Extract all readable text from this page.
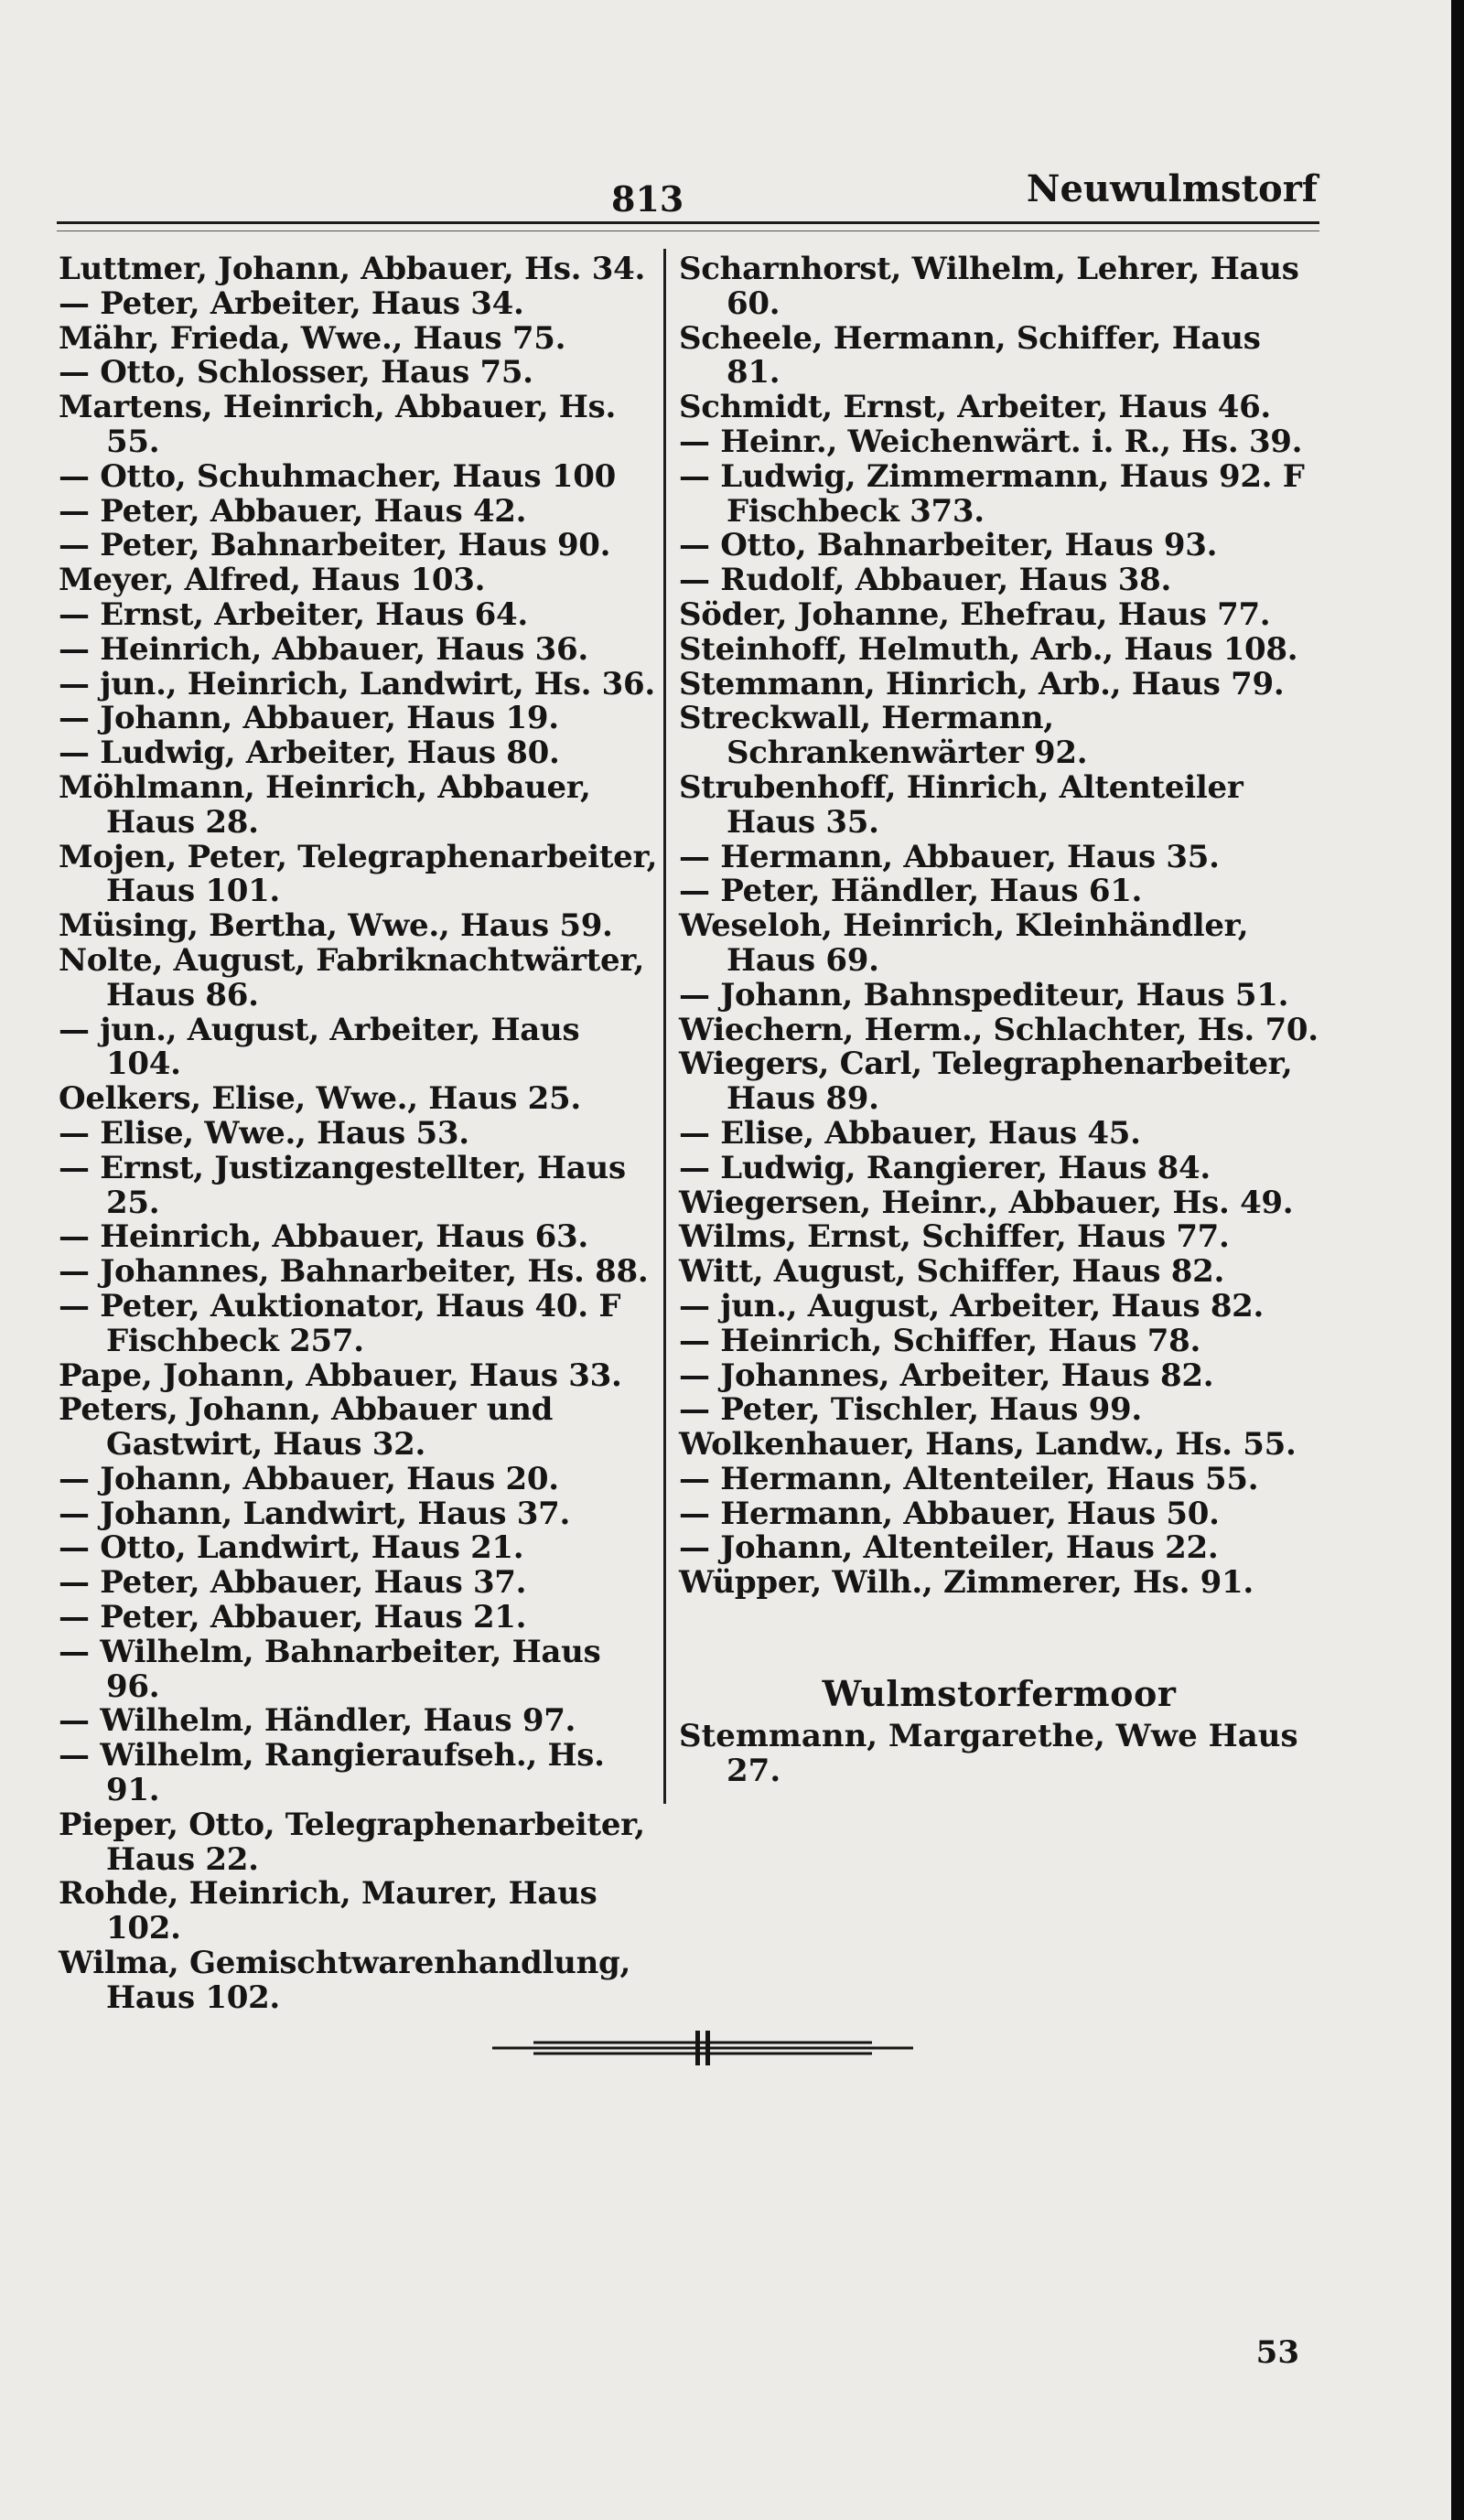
813	Neuwulmstorf

Luttmer, Johann, Abbauer, Hs. 34.
— Peter, Arbeiter, Haus 34.
Mähr, Frieda, Wwe., Haus 75.
— Otto, Schlosser, Haus 75.
Martens, Heinrich, Abbauer, Hs. 55.
— Otto, Schuhmacher, Haus 100
— Peter, Abbauer, Haus 42.
— Peter, Bahnarbeiter, Haus 90.
Meyer, Alfred, Haus 103.
— Ernst, Arbeiter, Haus 64.
— Heinrich, Abbauer, Haus 36.
— jun., Heinrich, Landwirt, Hs. 36.
— Johann, Abbauer, Haus 19.
— Ludwig, Arbeiter, Haus 80.
Möhlmann, Heinrich, Abbauer, Haus 28.
Mojen, Peter, Telegraphenarbeiter, Haus 101.
Müsing, Bertha, Wwe., Haus 59.
Nolte, August, Fabriknachtwärter, Haus 86.
— jun., August, Arbeiter, Haus 104.
Oelkers, Elise, Wwe., Haus 25.
— Elise, Wwe., Haus 53.
— Ernst, Justizangestellter, Haus 25.
— Heinrich, Abbauer, Haus 63.
— Johannes, Bahnarbeiter, Hs. 88.
— Peter, Auktionator, Haus 40. F Fischbeck 257.
Pape, Johann, Abbauer, Haus 33.
Peters, Johann, Abbauer und Gastwirt, Haus 32.
— Johann, Abbauer, Haus 20.
— Johann, Landwirt, Haus 37.
— Otto, Landwirt, Haus 21.
— Peter, Abbauer, Haus 37.
— Peter, Abbauer, Haus 21.
— Wilhelm, Bahnarbeiter, Haus 96.
— Wilhelm, Händler, Haus 97.
— Wilhelm, Rangieraufseh., Hs. 91.
Pieper, Otto, Telegraphenarbeiter, Haus 22.
Rohde, Heinrich, Maurer, Haus 102.
Wilma, Gemischtwarenhandlung, Haus 102.
Scharnhorst, Wilhelm, Lehrer, Haus 60.
Scheele, Hermann, Schiffer, Haus 81.
Schmidt, Ernst, Arbeiter, Haus 46.
— Heinr., Weichenwärt. i. R., Hs. 39.
— Ludwig, Zimmermann, Haus 92. F Fischbeck 373.
— Otto, Bahnarbeiter, Haus 93.
— Rudolf, Abbauer, Haus 38.
Söder, Johanne, Ehefrau, Haus 77.
Steinhoff, Helmuth, Arb., Haus 108.
Stemmann, Hinrich, Arb., Haus 79.
Streckwall, Hermann, Schrankenwärter 92.
Strubenhoff, Hinrich, Altenteiler Haus 35.
— Hermann, Abbauer, Haus 35.
— Peter, Händler, Haus 61.
Weseloh, Heinrich, Kleinhändler, Haus 69.
— Johann, Bahnspediteur, Haus 51.
Wiechern, Herm., Schlachter, Hs. 70.
Wiegers, Carl, Telegraphenarbeiter, Haus 89.
— Elise, Abbauer, Haus 45.
— Ludwig, Rangierer, Haus 84.
Wiegersen, Heinr., Abbauer, Hs. 49.
Wilms, Ernst, Schiffer, Haus 77.
Witt, August, Schiffer, Haus 82.
— jun., August, Arbeiter, Haus 82.
— Heinrich, Schiffer, Haus 78.
— Johannes, Arbeiter, Haus 82.
— Peter, Tischler, Haus 99.
Wolkenhauer, Hans, Landw., Hs. 55.
— Hermann, Altenteiler, Haus 55.
— Hermann, Abbauer, Haus 50.
— Johann, Altenteiler, Haus 22.
Wüpper, Wilh., Zimmerer, Hs. 91.
Wulmstorfermoor
Stemmann, Margarethe, Wwe Haus 27.

53
